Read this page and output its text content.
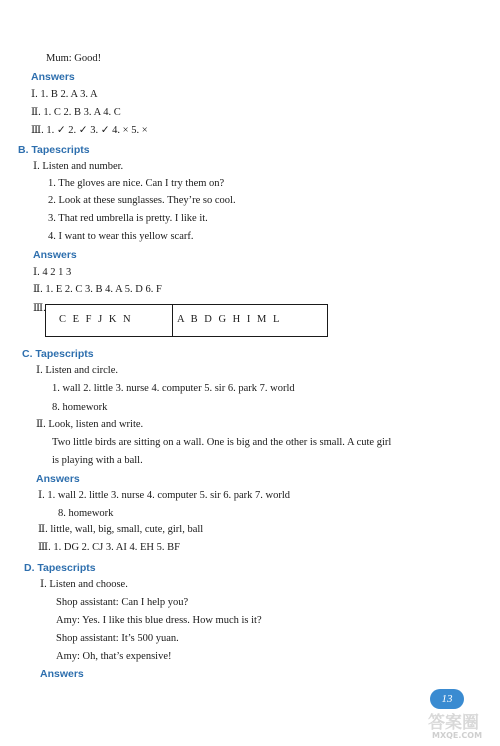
Mum: Good!
Answers
Ⅰ. 1. B 2. A 3. A
Ⅱ. 1. C 2. B 3. A 4. C
Ⅲ. 1. ✓ 2. ✓ 3. ✓ 4. × 5. ×
B. Tapescripts
Ⅰ. Listen and number.
1. The gloves are nice. Can I try them on?
2. Look at these sunglasses. They’re so cool.
3. That red umbrella is pretty. I like it.
4. I want to wear this yellow scarf.
Answers
Ⅰ. 4 2 1 3
Ⅱ. 1. E 2. C 3. B 4. A 5. D 6. F
Ⅲ.
C E F J K N	A B D G H I M L
C. Tapescripts
Ⅰ. Listen and circle.
1. wall 2. little 3. nurse 4. computer 5. sir 6. park 7. world
8. homework
Ⅱ. Look, listen and write.
Two little birds are sitting on a wall. One is big and the other is small. A cute girl
is playing with a ball.
Answers
Ⅰ. 1. wall 2. little 3. nurse 4. computer 5. sir 6. park 7. world
8. homework
Ⅱ. little, wall, big, small, cute, girl, ball
Ⅲ. 1. DG 2. CJ 3. AI 4. EH 5. BF
D. Tapescripts
Ⅰ. Listen and choose.
Shop assistant: Can I help you?
Amy: Yes. I like this blue dress. How much is it?
Shop assistant: It’s 500 yuan.
Amy: Oh, that’s expensive!
Answers
13
答案圈
MXQE.COM
